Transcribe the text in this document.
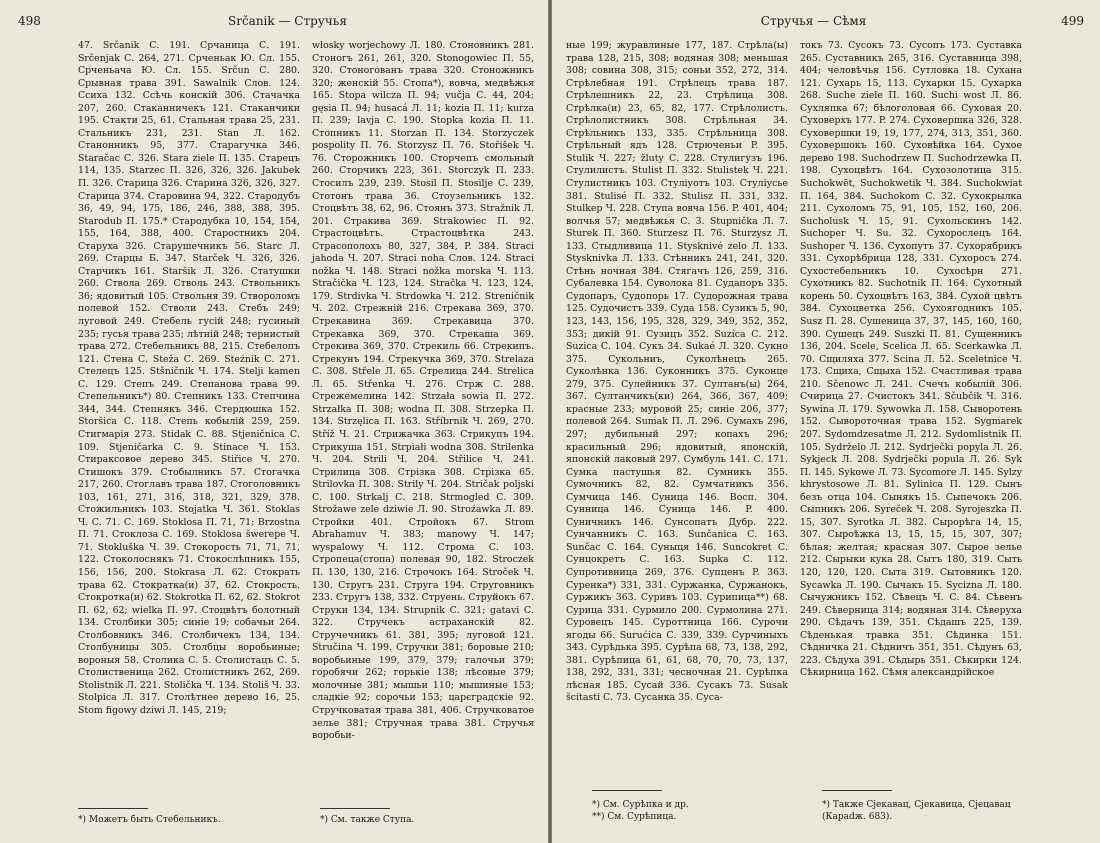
498	Srčanik — Стручья

47. Srčanik С. 191. Срчаница С. 191. Srčenjak С. 264, 271. Срченьак Ю. Сл. 155. Срченьача Ю. Сл. 155. Srčun С. 280. Срывная трава 391. Sawalnik Слов. 124. Ссиха 132. Ссѣчь конскій 306. Стачачка 207, 260. Стаканничекъ 121. Стаканчики 195. Стакти 25, 61. Стальная трава 25, 231. Стальникъ 231, 231. Stan Л. 162. Станонникъ 95, 377. Старагучка 346. Staračac С. 326. Stara ziele П. 135. Старецъ 114, 135. Starzec П. 326, 326, 326. Jakubek П. 326. Старица 326. Старина 326, 326, 327. Старица 374. Старовина 94, 322. Стародубъ 36, 49, 94, 175, 186, 246, 388, 388, 395. Starodub П. 175.* Стародубка 10, 154, 154, 155, 164, 388, 400. Старостникъ 204. Старуха 326. Старушечникъ 56. Starc Л. 269. Старцы Б. 347. Starček Ч. 326, 326. Старчикъ 161. Staršik Л. 326. Статушки 260. Ствола 269. Стволь 243. Ствольникъ 36; ядовитый 105. Ствольня 39. Створоломъ полевой 152. Стволи 243. Стебъ 249; луговой 249. Стебель гусій 248; гусиный 235; гусья трава 235; лѣтній 248; тернистый трава 272. Стебельникъ 88, 215. Стебелопъ 121. Стена С. Steža С. 269. Steźnik С. 271. Стелецъ 125. Stšničnik Ч. 174. Stelji kamen С. 129. Степъ 249. Степанова трава 99. Степельникъ*) 80. Степникъ 133. Степчина 344, 344. Степнякъ 346. Стердюшка 152. Storšica С. 118. Степь кобылій 259, 259. Стигмарія 273. Stidak С. 88. Stjeničnica С. 109. Stjeničarka С. 9. Stinace Ч. 153. Стираксовое дерево 345. Stiřice Ч. 270. Стишокъ 379. Стобылникъ 57. Стогачка 217, 260. Стоглавъ трава 187. Стоголовникъ 103, 161, 271, 316, 318, 321, 329, 378. Стожильникъ 103. Stojatka Ч. 361. Stoklas Ч. С. 71. С. 169. Stoklosa П. 71, 71; Brzostna П. 71. Стоклоза С. 169. Stoklosa šwerepe Ч. 71. Stokluška Ч. 39. Стокорость 71, 71, 71, 122. Стоколоснякъ 71. Стокослѣпникъ 155, 156, 156, 200. Stokrasa Л. 62. Стократь трава 62. Стократка(и) 37, 62. Стокрость. Стокротка(и) 62. Stokrotka П. 62, 62. Stokrot П. 62, 62; wielka П. 97. Стоцвѣтъ болотный 134. Столбики 305; синіе 19; собачьи 264. Столбовникъ 346. Столбичекъ 134, 134. Столбуницы 305. Столбцы воробьиные; вороныя 58. Столика С. 5. Столистацъ С. 5. Столиственица 262. Столистникъ 262, 269. Stolistnik Л. 221. Stolička Ч. 134. Stoliš Ч. 33. Stolpica Л. 317. Столѣтнее дерево 16, 25. Stom figowy dziwi Л. 145, 219;

włosky worjechowy Л. 180. Стоновникъ 281. Стоногъ 261, 261, 320. Stonogowiec П. 55, 320. Стоногованъ трава 320. Стоножникъ 320; женскій 55. Стопа*), вовча, медвѣжья 165. Stopa wilcza П. 94; vučja С. 44, 204; gęsia П. 94; husacá Л. 11; kozia П. 11; kurza П. 239; lavja С. 190. Stopka kozia П. 11. Стопникъ 11. Storzan П. 134. Storzyczek pospolity П. 76. Storzysz П. 76. Stořišek Ч. 76. Сторожникъ 100. Сторчепъ смольный 260. Сторчикъ 223, 361. Storczyk П. 233. Стосилъ 239, 239. Stosil П. Stosilje С. 239. Стотонъ трава 36. Стоузельникъ 132. Стоцвѣтъ 38, 62, 96. Стоянъ 373. Stražnik Л. 201. Стракива 369. Strakowiec П. 92. Страстоцвѣтъ. Страстоцвѣтка 243. Страсополохъ 80, 327, 384, P. 384. Straci jahoda Ч. 207. Straci noha Слов. 124. Straci nožka Ч. 148. Straci nožka morska Ч. 113. Stračička Ч. 123, 124. Stračka Ч. 123, 124, 179. Strdivka Ч. Strdowka Ч. 212. Streničnik Ч. 202. Стрежній 216. Стрекава 369, 370. Стрекавина 369. Стрекавица 370. Стрекавка 369, 370. Стрекаша 369. Стрекива 369, 370. Стрекиль 66. Стрекипъ. Стрекунъ 194. Стрекучка 369, 370. Strelaza С. 308. Střele Л. 65. Стрелица 244. Strelica Л. 65. Střenka Ч. 276. Стрж С. 288. Стрежемелина 142. Strzała sowia П. 272. Strzałka П. 308; wodna П. 308. Strzepka П. 134. Strzęlica П. 163. Stříbrnik Ч. 269, 270. Stříž Ч. 21. Стрижачка 363. Стрикупъ 194. Стрикуша 151. Strpiałi wodna 308. Strilenka Ч. 204. Strili Ч. 204. Střilice Ч. 241. Стрилица 308. Стрiзка 308. Стрiзка 65. Strilovka П. 308. Strily Ч. 204. Stričak poljski С. 100. Strkalj С. 218. Strmogled С. 309. Strožawe zele dziwie Л. 90. Stroźawka Л. 89. Стройки 401. Стройокъ 67. Strom Abrahamuv Ч. 383; manowy Ч. 147; wyspalowy Ч. 112. Строма С. 103. Стропеца(стопа) полевая 90, 182. Stroczek П. 130, 130, 216. Строчокъ 164. Stroček Ч. 130. Стругъ 231. Струга 194. Струговникъ 233. Стругъ 138, 332. Струень. Струйокъ 67. Струки 134, 134. Strupnik С. 321; gatavi С. 322. Стручекъ астраханскій 82. Стручечникъ 61. 381, 395; луговой 121. Stručina Ч. 199. Стручки 381; боровые 210; воробьиные 199, 379, 379; галочьи 379; горобячи 262; горькіе 138; лѣсовые 379; молочные 381; мышьи 110; мышиные 153; сладкіе 92; сорочьи 153; царєградскіе 92. Стручковатая трава 381, 406. Стручковатое зелье 381; Стручная трава 381. Стручья воробьи-

*) Можетъ быть Стебельникъ.	*) См. также Ступа.
Стручья — Сѣмя	499

ные 199; журавлиные 177, 187. Стрѣла(ы) трава 128, 215, 308; водяная 308; меньшая 308; совина 308, 315; соньи 352, 272, 314. Стрѣлебная 191. Стрѣлецъ трава 187. Стрѣлешникъ 22, 23. Стрѣлица 308. Стрѣлка(и) 23, 65, 82, 177. Стрѣлолистъ. Стрѣлолистникъ 308. Стрѣльная 34. Стрѣльникъ 133, 335. Стрѣльница 308. Стрѣльный ядъ 128. Стрюченьи P. 395. Stulik Ч. 227; žluty С. 228. Стулигузъ 196. Стулилистъ. Stulist П. 332. Stulistek Ч. 221. Стулистникъ 103. Стуліуотъ 103. Стуліусье 381. Stulisé П. 332. Stulisz П. 331, 332. Stulkep Ч. 228. Ступа вовча 156. P. 401, 404; волчья 57; медвѣжья С. 3. Stupnička Л. 7. Sturek П. 360. Sturzesz П. 76. Sturzysz Л. 133. Стыдливица 11. Stysknivé zelo Л. 133. Stysknivka Л. 133. Стѣнникъ 241, 241, 320. Стѣнь ночная 384. Стягачъ 126, 259, 316. Субалевка 154. Суволока 81. Судапоръ 335. Судопаръ, Судопорь 17. Судорожная трава 125. Судочистъ 339. Суда 158. Сузикъ 5, 90, 123, 143, 156, 195, 328, 329, 349, 352, 352, 353; дикій 91. Сузицъ 352. Suzica С. 212. Suzica С. 104. Сукъ 34. Sukaé Л. 320. Сукно 375. Сукольниъ, Суколѣнецъ 265. Суколѣнка 136. Суконникъ 375. Суконце 279, 375. Сулейникъ 37. Султанъ(ы) 264, 367. Султанчикъ(ки) 264, 366, 367, 409; красные 233; муровой 25; синіе 206, 377; полевой 264. Sumak П. Л. 296. Сумахъ 296, 297; дубильный 297; копахъ 296; красильный 296; ядовитый, японскій, японскій лаковый 297. Сумбуль 141. С. 171. Сумка пастушья 82. Сумникъ 355. Сумочникъ 82, 82. Сумчатникъ 356. Сумчица 146. Суница 146. Восп. 304. Сунница 146. Суница 146. P. 400. Суничникъ 146. Сунсопатъ Дубр. 222. Сунчанникъ С. 163. Sunčanica С. 163. Sunčac С. 164. Суныця 146. Suncokret С. Сунцокретъ С. 163. Supka С. 112. Супротивница 269, 376. Супценъ P. 363. Суренка*) 331, 331. Суржанка, Суржанокъ, Суржикъ 363. Суривъ 103. Сурипица**) 68. Сурица 331. Сурмило 200. Сурмолина 271. Суровецъ 145. Суроттница 166. Сурочи ягоды 66. Surućica С. 339, 339. Сурчиныхъ 343. Сурѣдька 395. Сурѣпа 68, 73, 138, 292, 381. Сурѣпица 61, 61, 68, 70, 70, 73, 137, 138, 292, 331, 331; чесночная 21. Сурѣпка лѣсная 185. Сусай 336. Сусакъ 73. Susak šcitasti С. 73. Сусанка 35. Суса-

токъ 73. Сусокъ 73. Сусопъ 173. Суставка 265. Суставникъ 265, 316. Суставница 398, 404; человѣчья 156. Сутловка 18. Сухана 121. Сухарь 15, 113. Сухарки 15. Сухарка 268. Suche ziele П. 160. Suchi wost Л. 86. Сухляпка 67; бѣлоголовая 66. Суховая 20. Суховерхъ 177. P. 274. Суховершка 326, 328. Суховершки 19, 19, 177, 274, 313, 351, 360. Суховершокъ 160. Суховѣйка 164. Сухое дерево 198. Suchodrzew П. Suchodrzewka П. 198. Сухоцвѣтъ 164. Сухозолотица 315. Suchokwēt, Suchokwetik Ч. 384. Suchokwiat П. 164, 384. Suchokom С. 32. Сухокрылка 211. Сухоломъ 75, 91, 105, 152, 160, 206. Sucholusk Ч. 15, 91. Сухольскинъ 142. Suchoper Ч. Su. 32. Сухорослецъ 164. Sushoper Ч. 136. Сухопутъ 37. Сухорябрикъ 331. Сухорѣбрица 128, 331. Сухоросъ 274. Сухостебельникъ 10. Сухосѣрн 271. Сухотникъ 82. Suchotnik П. 164. Сухотный корень 50. Сухоцвѣтъ 163, 384. Сухой цвѣтъ 384. Сухоцветка 256. Сухоягодникъ 105. Susz П. 28. Сушеница 37, 37, 145, 160, 160, 390. Сушецъ 249. Suszki П. 81. Сущенникъ 136, 204. Scele, Scelica Л. 65. Scerkawka Л. 70. Сщиляха 377. Scina Л. 52. Sceletnice Ч. 173. Сщиха, Сщыха 152. Счастливая трава 210. Sčenowc Л. 241. Счечъ кобылій 306. Счирица 27. Счистокъ 341. Sčubčik Ч. 316. Sywina Л. 179. Sywowka Л. 158. Сыворотень 152. Сывороточная трава 152. Sygmarek 207. Sydomdzesatme Л. 212. Sydomlistnik П. 105. Sydrželo Л. 212. Sydrječki popyla Л. 26. Sykjeck Л. 208. Sydrječki popula Л. 26. Syk П. 145. Sykowe Л. 73. Sycomore Л. 145. Sylzy khrystosowe Л. 81. Sylinica П. 129. Сынъ безъ отца 104. Сынякъ 15. Сыпечокъ 206. Сыпникъ 206. Syreček Ч. 208. Syrojeszka П. 15, 307. Syrotka Л. 382. Сырорѣга 14, 15, 307. Сыроѣжка 13, 15, 15, 15, 307, 307; бѣлая; желтая; красная 307. Сырое зелье 212. Сырыки кука 28. Сытъ 180, 319. Сыть 120, 120, 120. Сыта 319. Сытовникъ 120. Sycawka Л. 190. Сычакъ 15. Sycizna Л. 180. Сычужникъ 152. Сѣвецъ Ч. С. 84. Сѣвенъ 249. Сѣверница 314; водяная 314. Сѣверуха 290. Сѣдачъ 139, 351. Сѣдашъ 225, 139. Сѣденькая травка 351. Сѣдинка 151. Сѣдничка 21. Сѣдничъ 351, 351. Сѣдунъ 63, 223. Сѣдуха 391. Сѣдырь 351. Сѣкирки 124. Сѣкирница 162. Сѣмя александрійское

*) См. Сурѣпка и др.
**) См. Сурѣпица.
*) Также Сјекавац, Сјекавица, Сјецавац (Караdж. 683).
